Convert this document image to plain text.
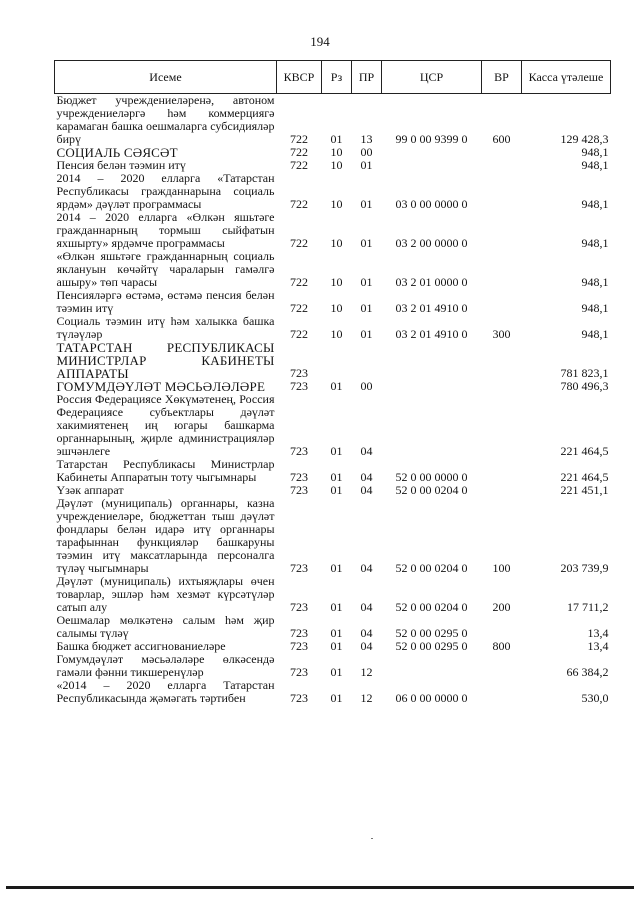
194
Исеме	КВСР	Рз	ПР	ЦСР	ВР	Касса үтәлеше
Бюджет учреждениеләренә, автоном учреждениеләргә һәм коммерциягә карамаган башка оешмаларга субсидияләр бирү	722	01	13	99 0 00 9399 0	600	129 428,3
СОЦИАЛЬ СӘЯСӘТ	722	10	00			948,1
Пенсия белән тәэмин итү	722	10	01			948,1
2014 – 2020 елларга «Татарстан Республикасы гражданнарына социаль ярдәм» дәүләт программасы	722	10	01	03 0 00 0000 0		948,1
2014 – 2020 елларга «Өлкән яшьтәге гражданнарның тормыш сыйфатын яхшырту» ярдәмче программасы	722	10	01	03 2 00 0000 0		948,1
«Өлкән яшьтәге гражданнарның социаль яклануын көчәйтү чараларын гамәлгә ашыру» төп чарасы	722	10	01	03 2 01 0000 0		948,1
Пенсияләргә өстәмә, өстәмә пенсия белән тәэмин итү	722	10	01	03 2 01 4910 0		948,1
Социаль тәэмин итү һәм халыкка башка түләүләр	722	10	01	03 2 01 4910 0	300	948,1
ТАТАРСТАН РЕСПУБЛИКАСЫ МИНИСТРЛАР КАБИНЕТЫ АППАРАТЫ	723					781 823,1
ГОМУМДӘҮЛӘТ МӘСЬӘЛӘЛӘРЕ	723	01	00			780 496,3
Россия Федерациясе Хөкүмәтенең, Россия Федерациясе субъектлары дәүләт хакимиятенең иң югары башкарма органнарының, җирле администрацияләр эшчәнлеге	723	01	04			221 464,5
Татарстан Республикасы Министрлар Кабинеты Аппаратын тоту чыгымнары	723	01	04	52 0 00 0000 0		221 464,5
Үзәк аппарат	723	01	04	52 0 00 0204 0		221 451,1
Дәүләт (муниципаль) органнары, казна учреждениеләре, бюджеттан тыш дәүләт фондлары белән идарә итү органнары тарафыннан функцияләр башкаруны тәэмин итү максатларында персоналга түләү чыгымнары	723	01	04	52 0 00 0204 0	100	203 739,9
Дәүләт (муниципаль) ихтыяҗлары өчен товарлар, эшләр һәм хезмәт күрсәтүләр сатып алу	723	01	04	52 0 00 0204 0	200	17 711,2
Оешмалар мөлкәтенә салым һәм җир салымы түләү	723	01	04	52 0 00 0295 0		13,4
Башка бюджет ассигнованиеләре	723	01	04	52 0 00 0295 0	800	13,4
Гомумдәүләт мәсьәләләре өлкәсендә гамәли фәнни тикшеренүләр	723	01	12			66 384,2
«2014 – 2020 елларга Татарстан Республикасында җәмәгать тәртибен	723	01	12	06 0 00 0000 0		530,0
